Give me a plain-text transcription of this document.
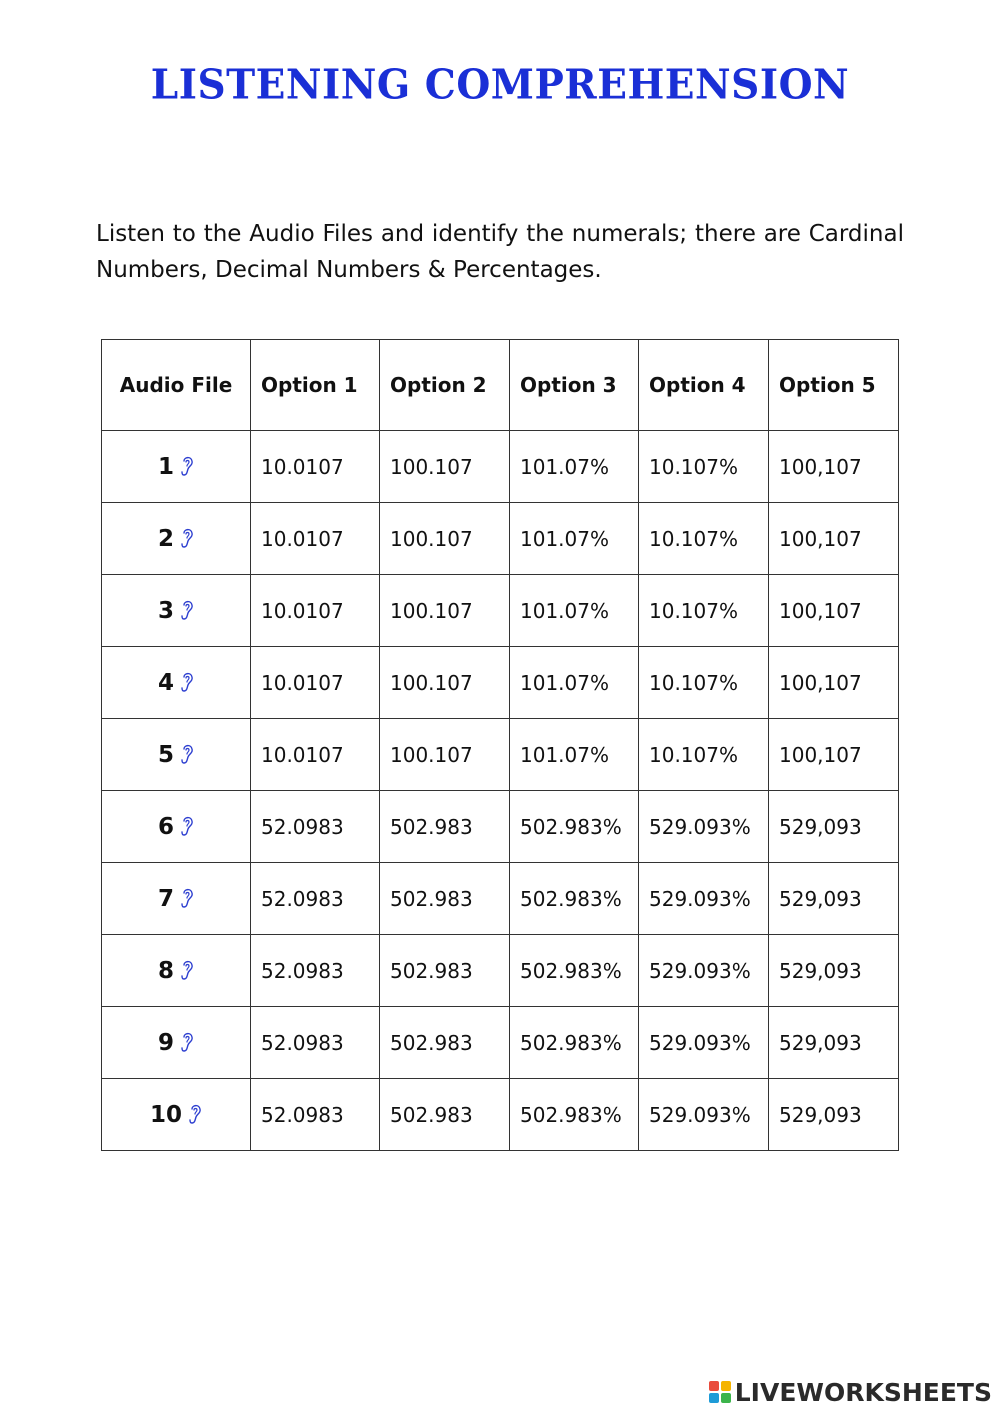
LISTENING COMPREHENSION
Listen to the Audio Files and identify the numerals; there are Cardinal Numbers, Decimal Numbers & Percentages.
Audio File	Option 1	Option 2	Option 3	Option 4	Option 5
1	10.0107	100.107	101.07%	10.107%	100,107
2	10.0107	100.107	101.07%	10.107%	100,107
3	10.0107	100.107	101.07%	10.107%	100,107
4	10.0107	100.107	101.07%	10.107%	100,107
5	10.0107	100.107	101.07%	10.107%	100,107
6	52.0983	502.983	502.983%	529.093%	529,093
7	52.0983	502.983	502.983%	529.093%	529,093
8	52.0983	502.983	502.983%	529.093%	529,093
9	52.0983	502.983	502.983%	529.093%	529,093
10	52.0983	502.983	502.983%	529.093%	529,093
LIVEWORKSHEETS
